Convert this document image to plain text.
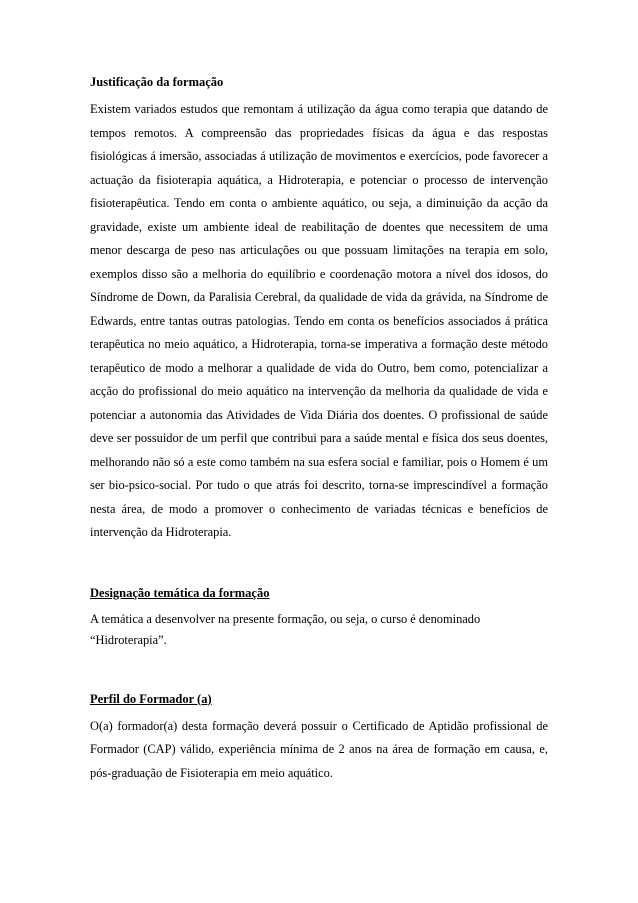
Justificação da formação

Existem variados estudos que remontam á utilização da água como terapia que datando de tempos remotos. A compreensão das propriedades físicas da água e das respostas fisiológicas á imersão, associadas á utilização de movimentos e exercícios, pode favorecer a actuação da fisioterapia aquática, a Hidroterapia, e potenciar o processo de intervenção fisioterapêutica. Tendo em conta o ambiente aquático, ou seja, a diminuição da acção da gravidade, existe um ambiente ideal de reabilitação de doentes que necessitem de uma menor descarga de peso nas articulações ou que possuam limitações na terapia em solo, exemplos disso são a melhoria do equilíbrio e coordenação motora a nível dos idosos, do Síndrome de Down, da Paralisia Cerebral, da qualidade de vida da grávida, na Síndrome de Edwards, entre tantas outras patologias. Tendo em conta os benefícios associados á prática terapêutica no meio aquático, a Hidroterapia, torna-se imperativa a formação deste método terapêutico de modo a melhorar a qualidade de vida do Outro, bem como, potencializar a acção do profissional do meio aquático na intervenção da melhoria da qualidade de vida e potenciar a autonomia das Atividades de Vida Diária dos doentes. O profissional de saúde deve ser possuidor de um perfil que contribui para a saúde mental e física dos seus doentes, melhorando não só a este como também na sua esfera social e familiar, pois o Homem é um ser bio-psico-social. Por tudo o que atrás foi descrito, torna-se imprescindível a formação nesta área, de modo a promover o conhecimento de variadas técnicas e benefícios de intervenção da Hidroterapia.

Designação temática da formação

A temática a desenvolver na presente formação, ou seja, o curso é denominado
“Hidroterapia”.

Perfil do Formador (a)

O(a) formador(a) desta formação deverá possuir o Certificado de Aptidão profissional de Formador (CAP) válido, experiência mínima de 2 anos na área de formação em causa, e, pós-graduação de Fisioterapia em meio aquático.
